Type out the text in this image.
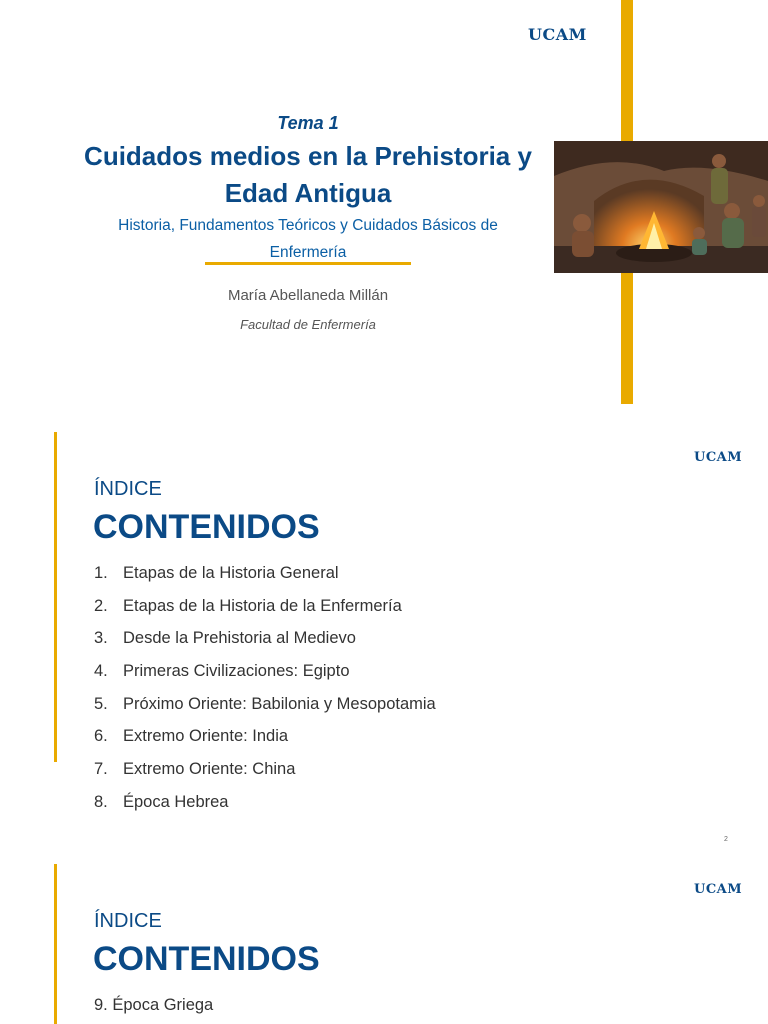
UCAM
Tema 1
Cuidados medios en la Prehistoria y Edad Antigua
Historia, Fundamentos Teóricos y Cuidados Básicos de Enfermería
María Abellaneda Millán
Facultad de Enfermería
UCAM
ÍNDICE
CONTENIDOS
1. Etapas de la Historia General
2. Etapas de la Historia de la Enfermería
3. Desde la Prehistoria al Medievo
4. Primeras Civilizaciones: Egipto
5. Próximo Oriente: Babilonia y Mesopotamia
6. Extremo Oriente: India
7. Extremo Oriente: China
8. Época Hebrea
2
UCAM
ÍNDICE
CONTENIDOS
9. Época Griega
